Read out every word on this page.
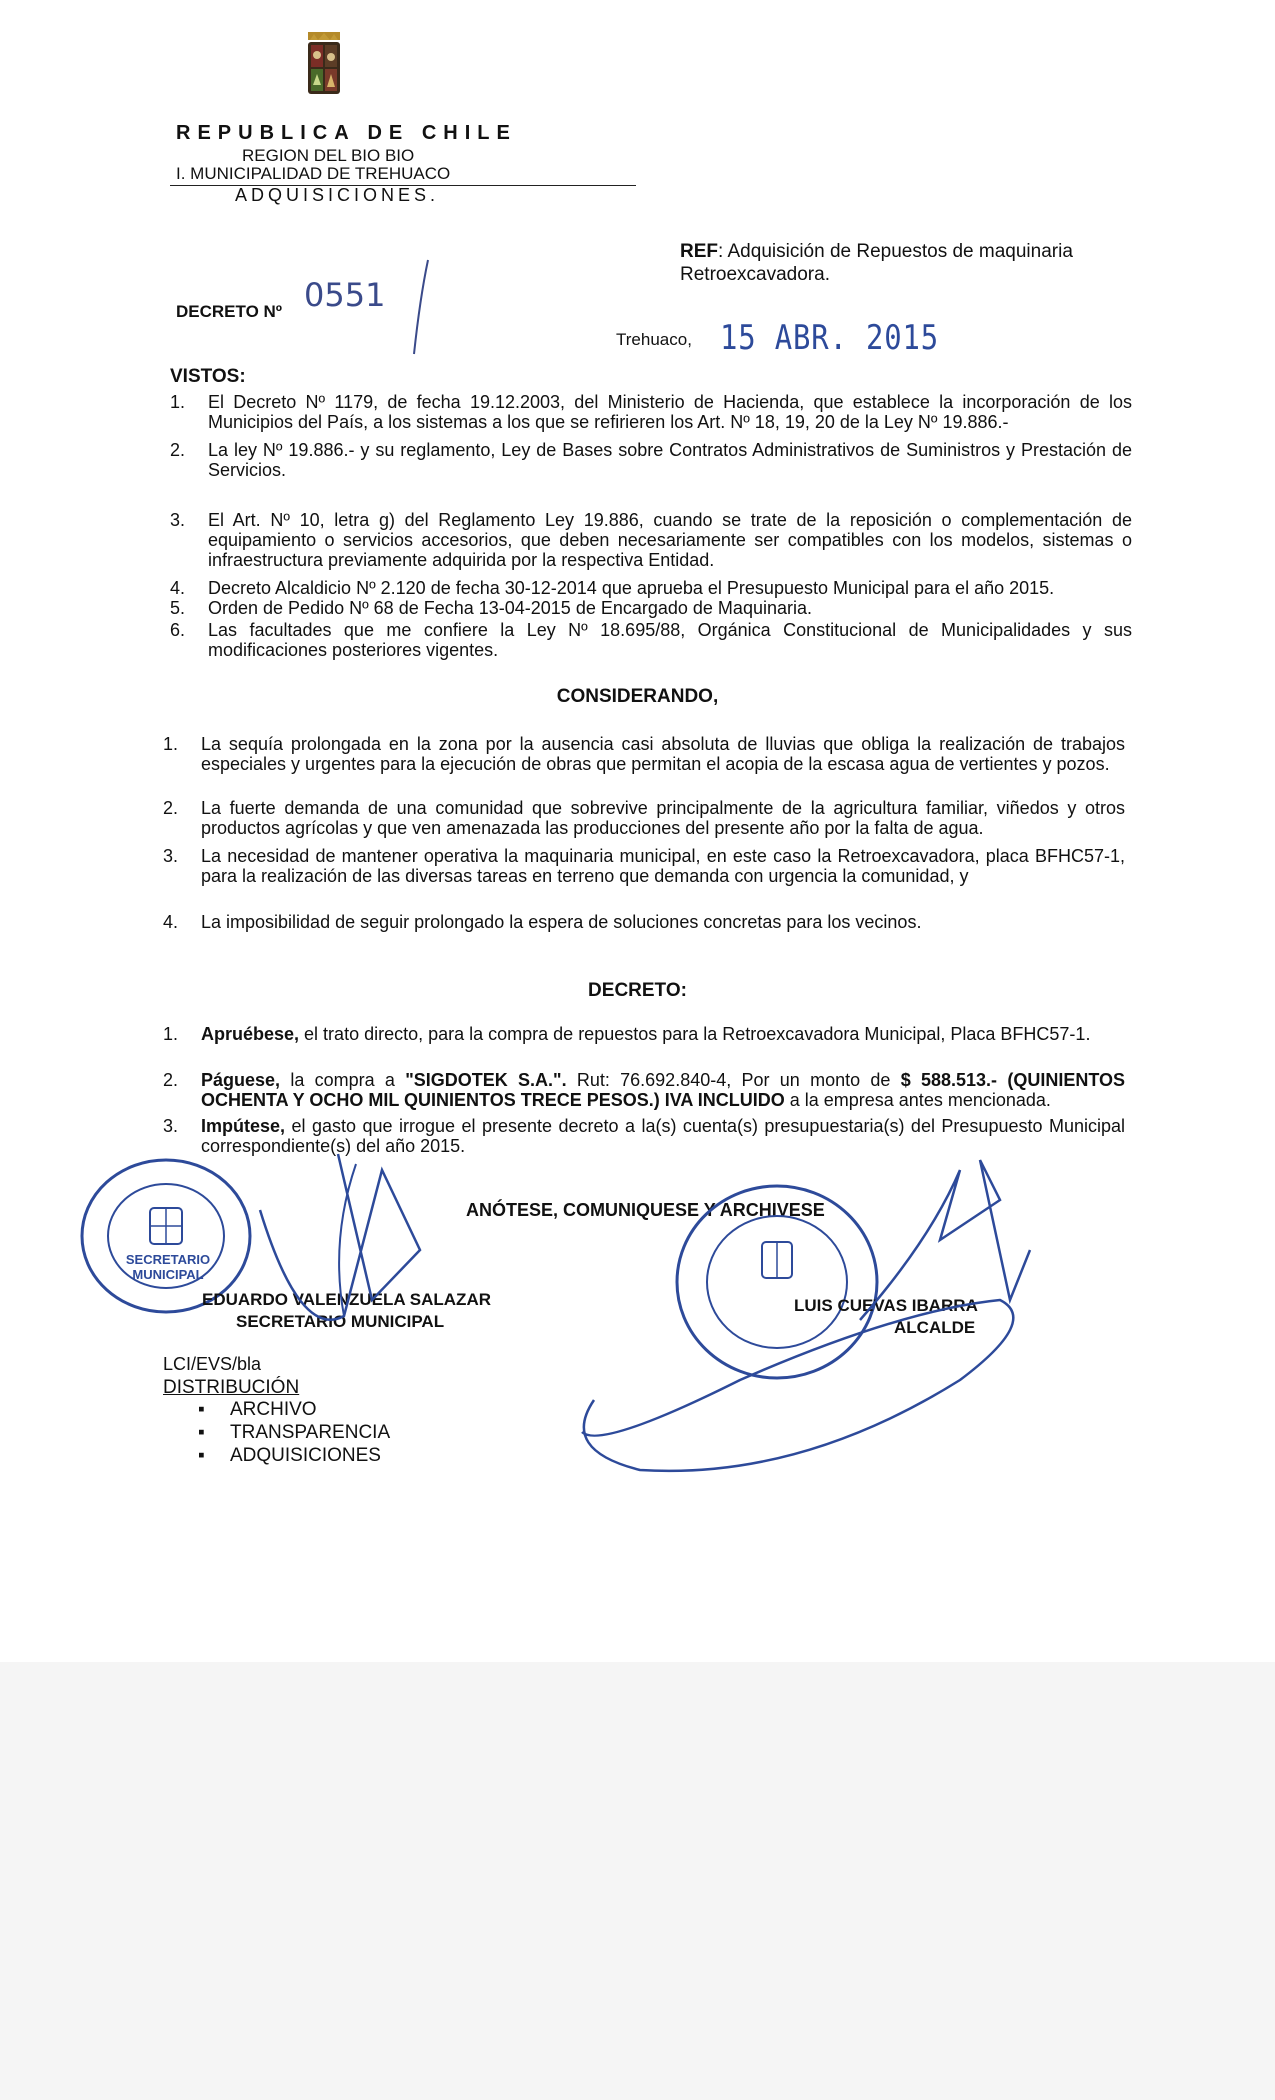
REPUBLICA DE CHILE
REGION DEL BIO BIO
I. MUNICIPALIDAD DE TREHUACO
ADQUISICIONES.
REF: Adquisición de Repuestos de maquinaria Retroexcavadora.
DECRETO Nº 0551
Trehuaco, 15 ABR. 2015
VISTOS:
1. El Decreto Nº 1179, de fecha 19.12.2003, del Ministerio de Hacienda, que establece la incorporación de los Municipios del País, a los sistemas a los que se refirieren los Art. Nº 18, 19, 20 de la Ley Nº 19.886.-
2. La ley Nº 19.886.- y su reglamento, Ley de Bases sobre Contratos Administrativos de Suministros y Prestación de Servicios.
3. El Art. Nº 10, letra g) del Reglamento Ley 19.886, cuando se trate de la reposición o complementación de equipamiento o servicios accesorios, que deben necesariamente ser compatibles con los modelos, sistemas o infraestructura previamente adquirida por la respectiva Entidad.
4. Decreto Alcaldicio Nº 2.120 de fecha 30-12-2014 que aprueba el Presupuesto Municipal para el año 2015.
5. Orden de Pedido Nº 68 de Fecha 13-04-2015 de Encargado de Maquinaria.
6. Las facultades que me confiere la Ley Nº 18.695/88, Orgánica Constitucional de Municipalidades y sus modificaciones posteriores vigentes.
CONSIDERANDO,
1. La sequía prolongada en la zona por la ausencia casi absoluta de lluvias que obliga la realización de trabajos especiales y urgentes para la ejecución de obras que permitan el acopia de la escasa agua de vertientes y pozos.
2. La fuerte demanda de una comunidad que sobrevive principalmente de la agricultura familiar, viñedos y otros productos agrícolas y que ven amenazada las producciones del presente año por la falta de agua.
3. La necesidad de mantener operativa la maquinaria municipal, en este caso la Retroexcavadora, placa BFHC57-1, para la realización de las diversas tareas en terreno que demanda con urgencia la comunidad, y
4. La imposibilidad de seguir prolongado la espera de soluciones concretas para los vecinos.
DECRETO:
1. Apruébese, el trato directo, para la compra de repuestos para la Retroexcavadora Municipal, Placa BFHC57-1.
2. Páguese, la compra a "SIGDOTEK S.A.". Rut: 76.692.840-4, Por un monto de $ 588.513.- (QUINIENTOS OCHENTA Y OCHO MIL QUINIENTOS TRECE PESOS.) IVA INCLUIDO a la empresa antes mencionada.
3. Impútese, el gasto que irrogue el presente decreto a la(s) cuenta(s) presupuestaria(s) del Presupuesto Municipal correspondiente(s) del año 2015.
ANÓTESE, COMUNIQUESE Y ARCHIVESE
SECRETARIO
MUNICIPAL
EDUARDO VALENZUELA SALAZAR
SECRETARIO MUNICIPAL
LUIS CUEVAS IBARRA
ALCALDE
LCI/EVS/bla
DISTRIBUCIÓN
▪ ARCHIVO
▪ TRANSPARENCIA
▪ ADQUISICIONES
